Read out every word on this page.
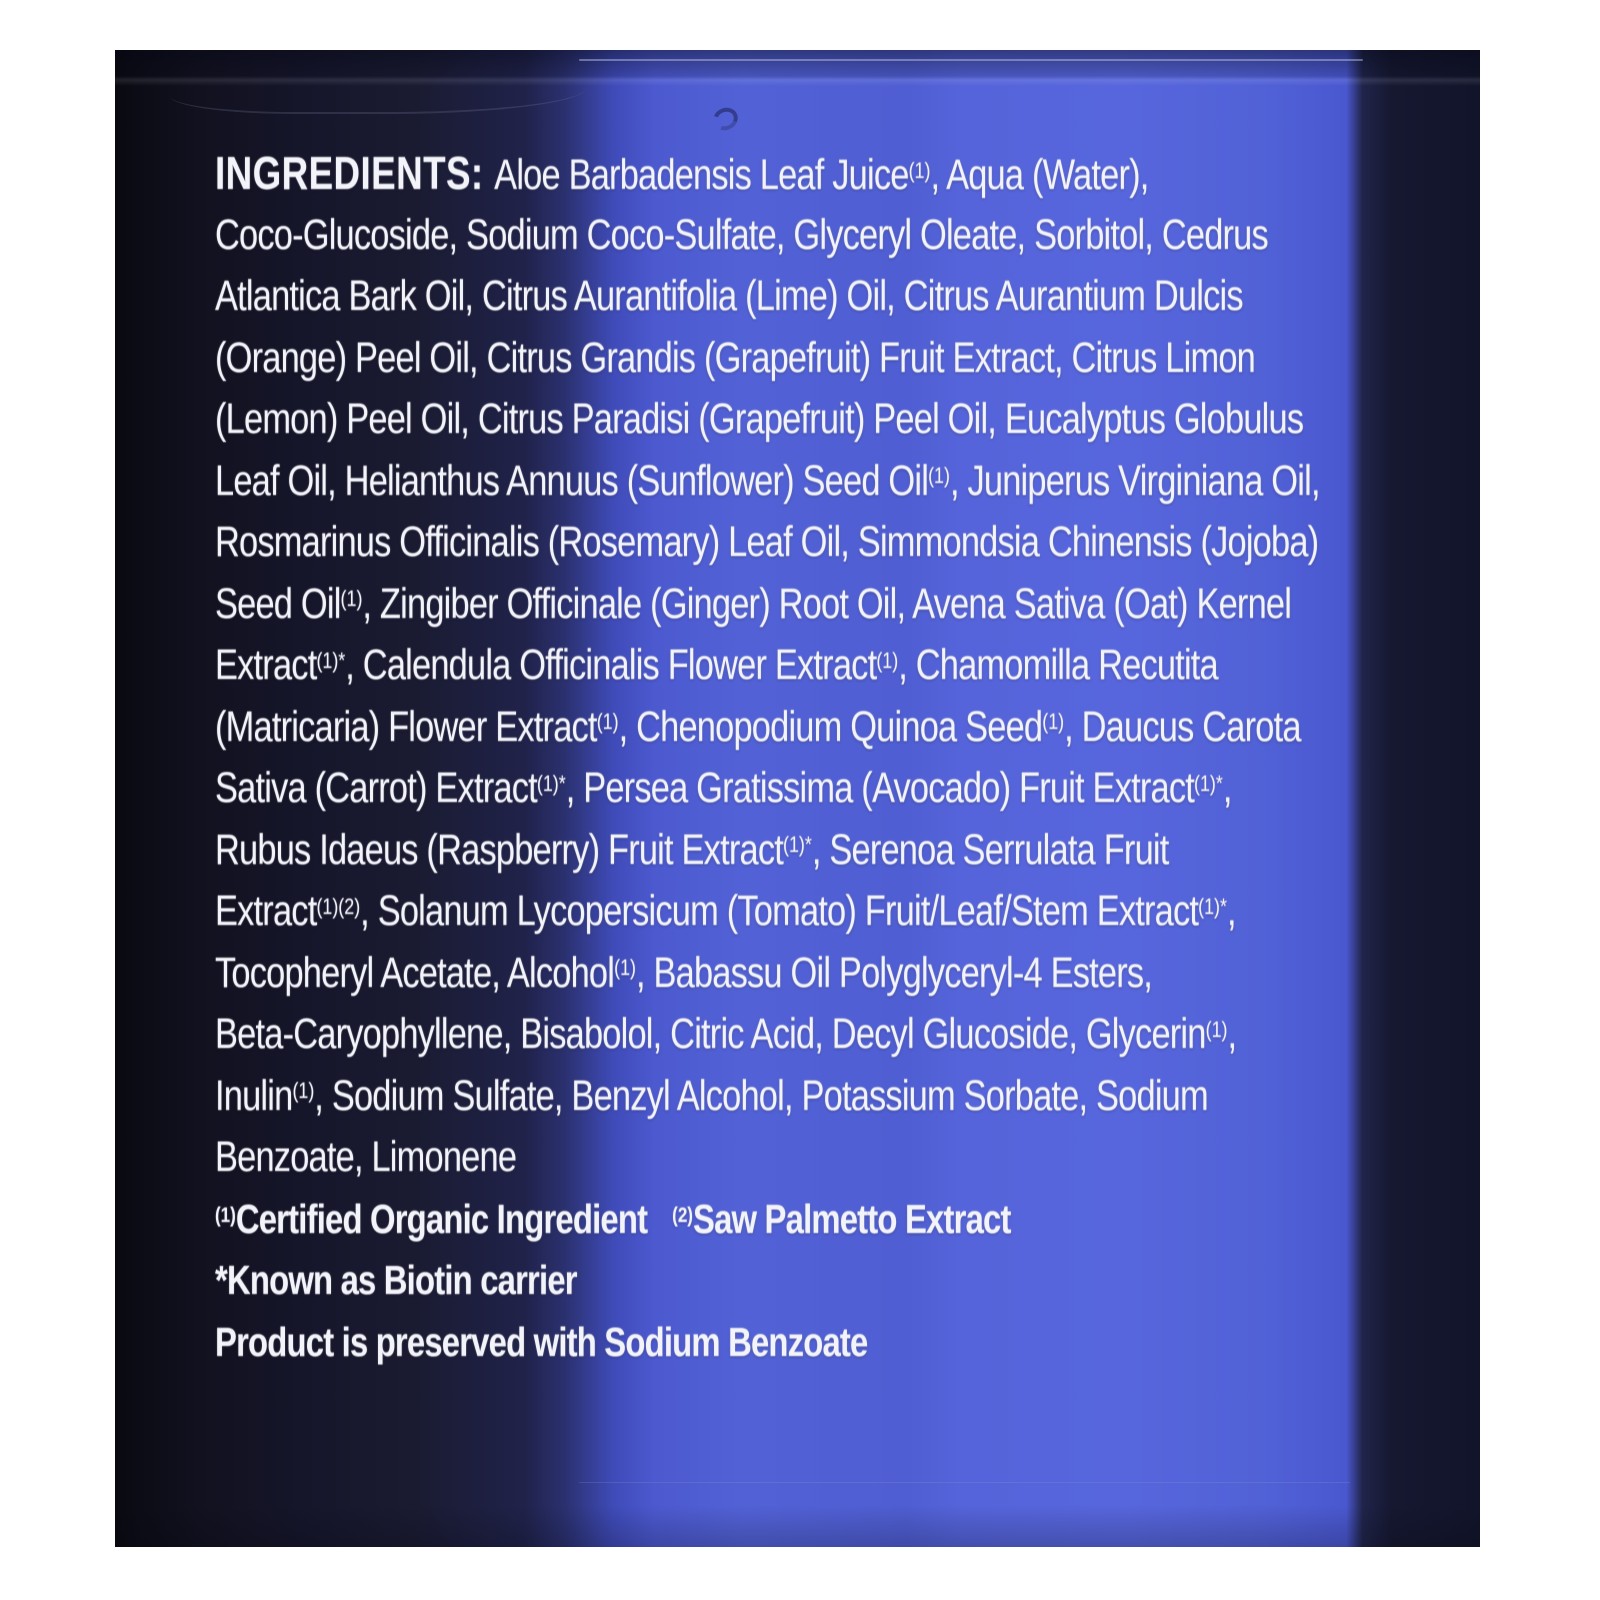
INGREDIENTS: Aloe Barbadensis Leaf Juice$^{(1)}$, Aqua (Water),
Coco-Glucoside, Sodium Coco-Sulfate, Glyceryl Oleate, Sorbitol, Cedrus
Atlantica Bark Oil, Citrus Aurantifolia (Lime) Oil, Citrus Aurantium Dulcis
(Orange) Peel Oil, Citrus Grandis (Grapefruit) Fruit Extract, Citrus Limon
(Lemon) Peel Oil, Citrus Paradisi (Grapefruit) Peel Oil, Eucalyptus Globulus
Leaf Oil, Helianthus Annuus (Sunflower) Seed Oil$^{(1)}$, Juniperus Virginiana Oil,
Rosmarinus Officinalis (Rosemary) Leaf Oil, Simmondsia Chinensis (Jojoba)
Seed Oil$^{(1)}$, Zingiber Officinale (Ginger) Root Oil, Avena Sativa (Oat) Kernel
Extract$^{(1)*}$, Calendula Officinalis Flower Extract$^{(1)}$, Chamomilla Recutita
(Matricaria) Flower Extract$^{(1)}$, Chenopodium Quinoa Seed$^{(1)}$, Daucus Carota
Sativa (Carrot) Extract$^{(1)*}$, Persea Gratissima (Avocado) Fruit Extract$^{(1)*}$,
Rubus Idaeus (Raspberry) Fruit Extract$^{(1)*}$, Serenoa Serrulata Fruit
Extract$^{(1)(2)}$, Solanum Lycopersicum (Tomato) Fruit/Leaf/Stem Extract$^{(1)*}$,
Tocopheryl Acetate, Alcohol$^{(1)}$, Babassu Oil Polyglyceryl-4 Esters,
Beta-Caryophyllene, Bisabolol, Citric Acid, Decyl Glucoside, Glycerin$^{(1)}$,
Inulin$^{(1)}$, Sodium Sulfate, Benzyl Alcohol, Potassium Sorbate, Sodium
Benzoate, Limonene
$^{(1)}$Certified Organic Ingredient   $^{(2)}$Saw Palmetto Extract
*Known as Biotin carrier
Product is preserved with Sodium Benzoate
